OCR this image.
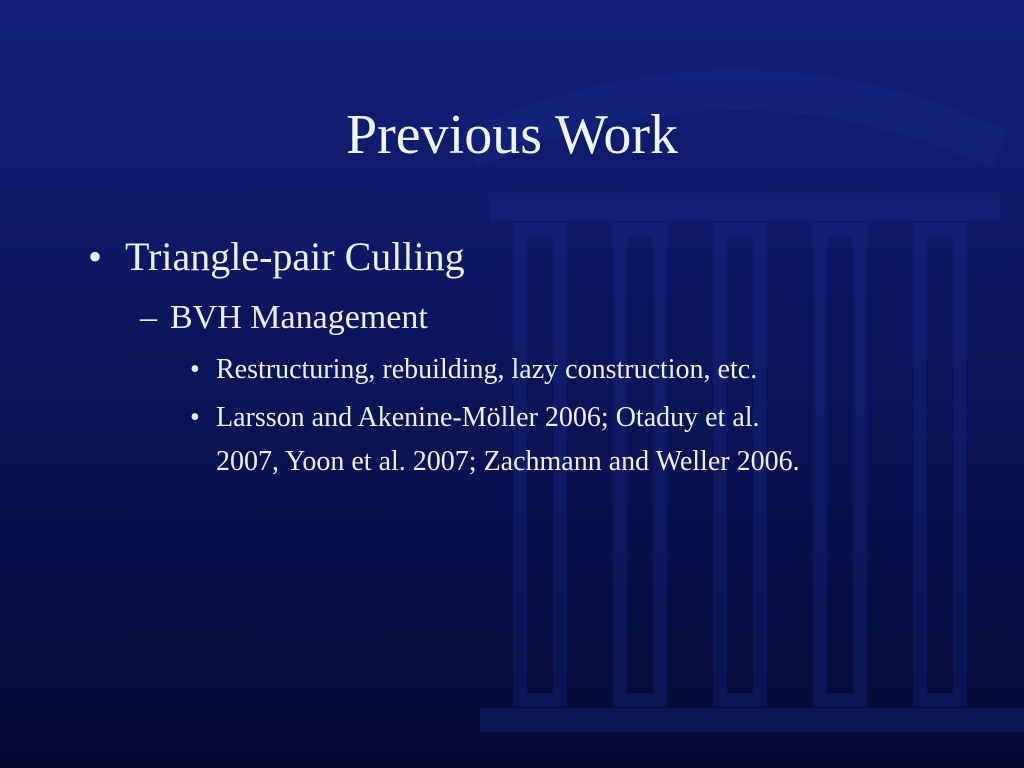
Previous Work

• Triangle-pair Culling

– BVH Management

• Restructuring, rebuilding, lazy construction, etc.

• Larsson and Akenine-Möller 2006; Otaduy et al.

2007, Yoon et al. 2007; Zachmann and Weller 2006.
